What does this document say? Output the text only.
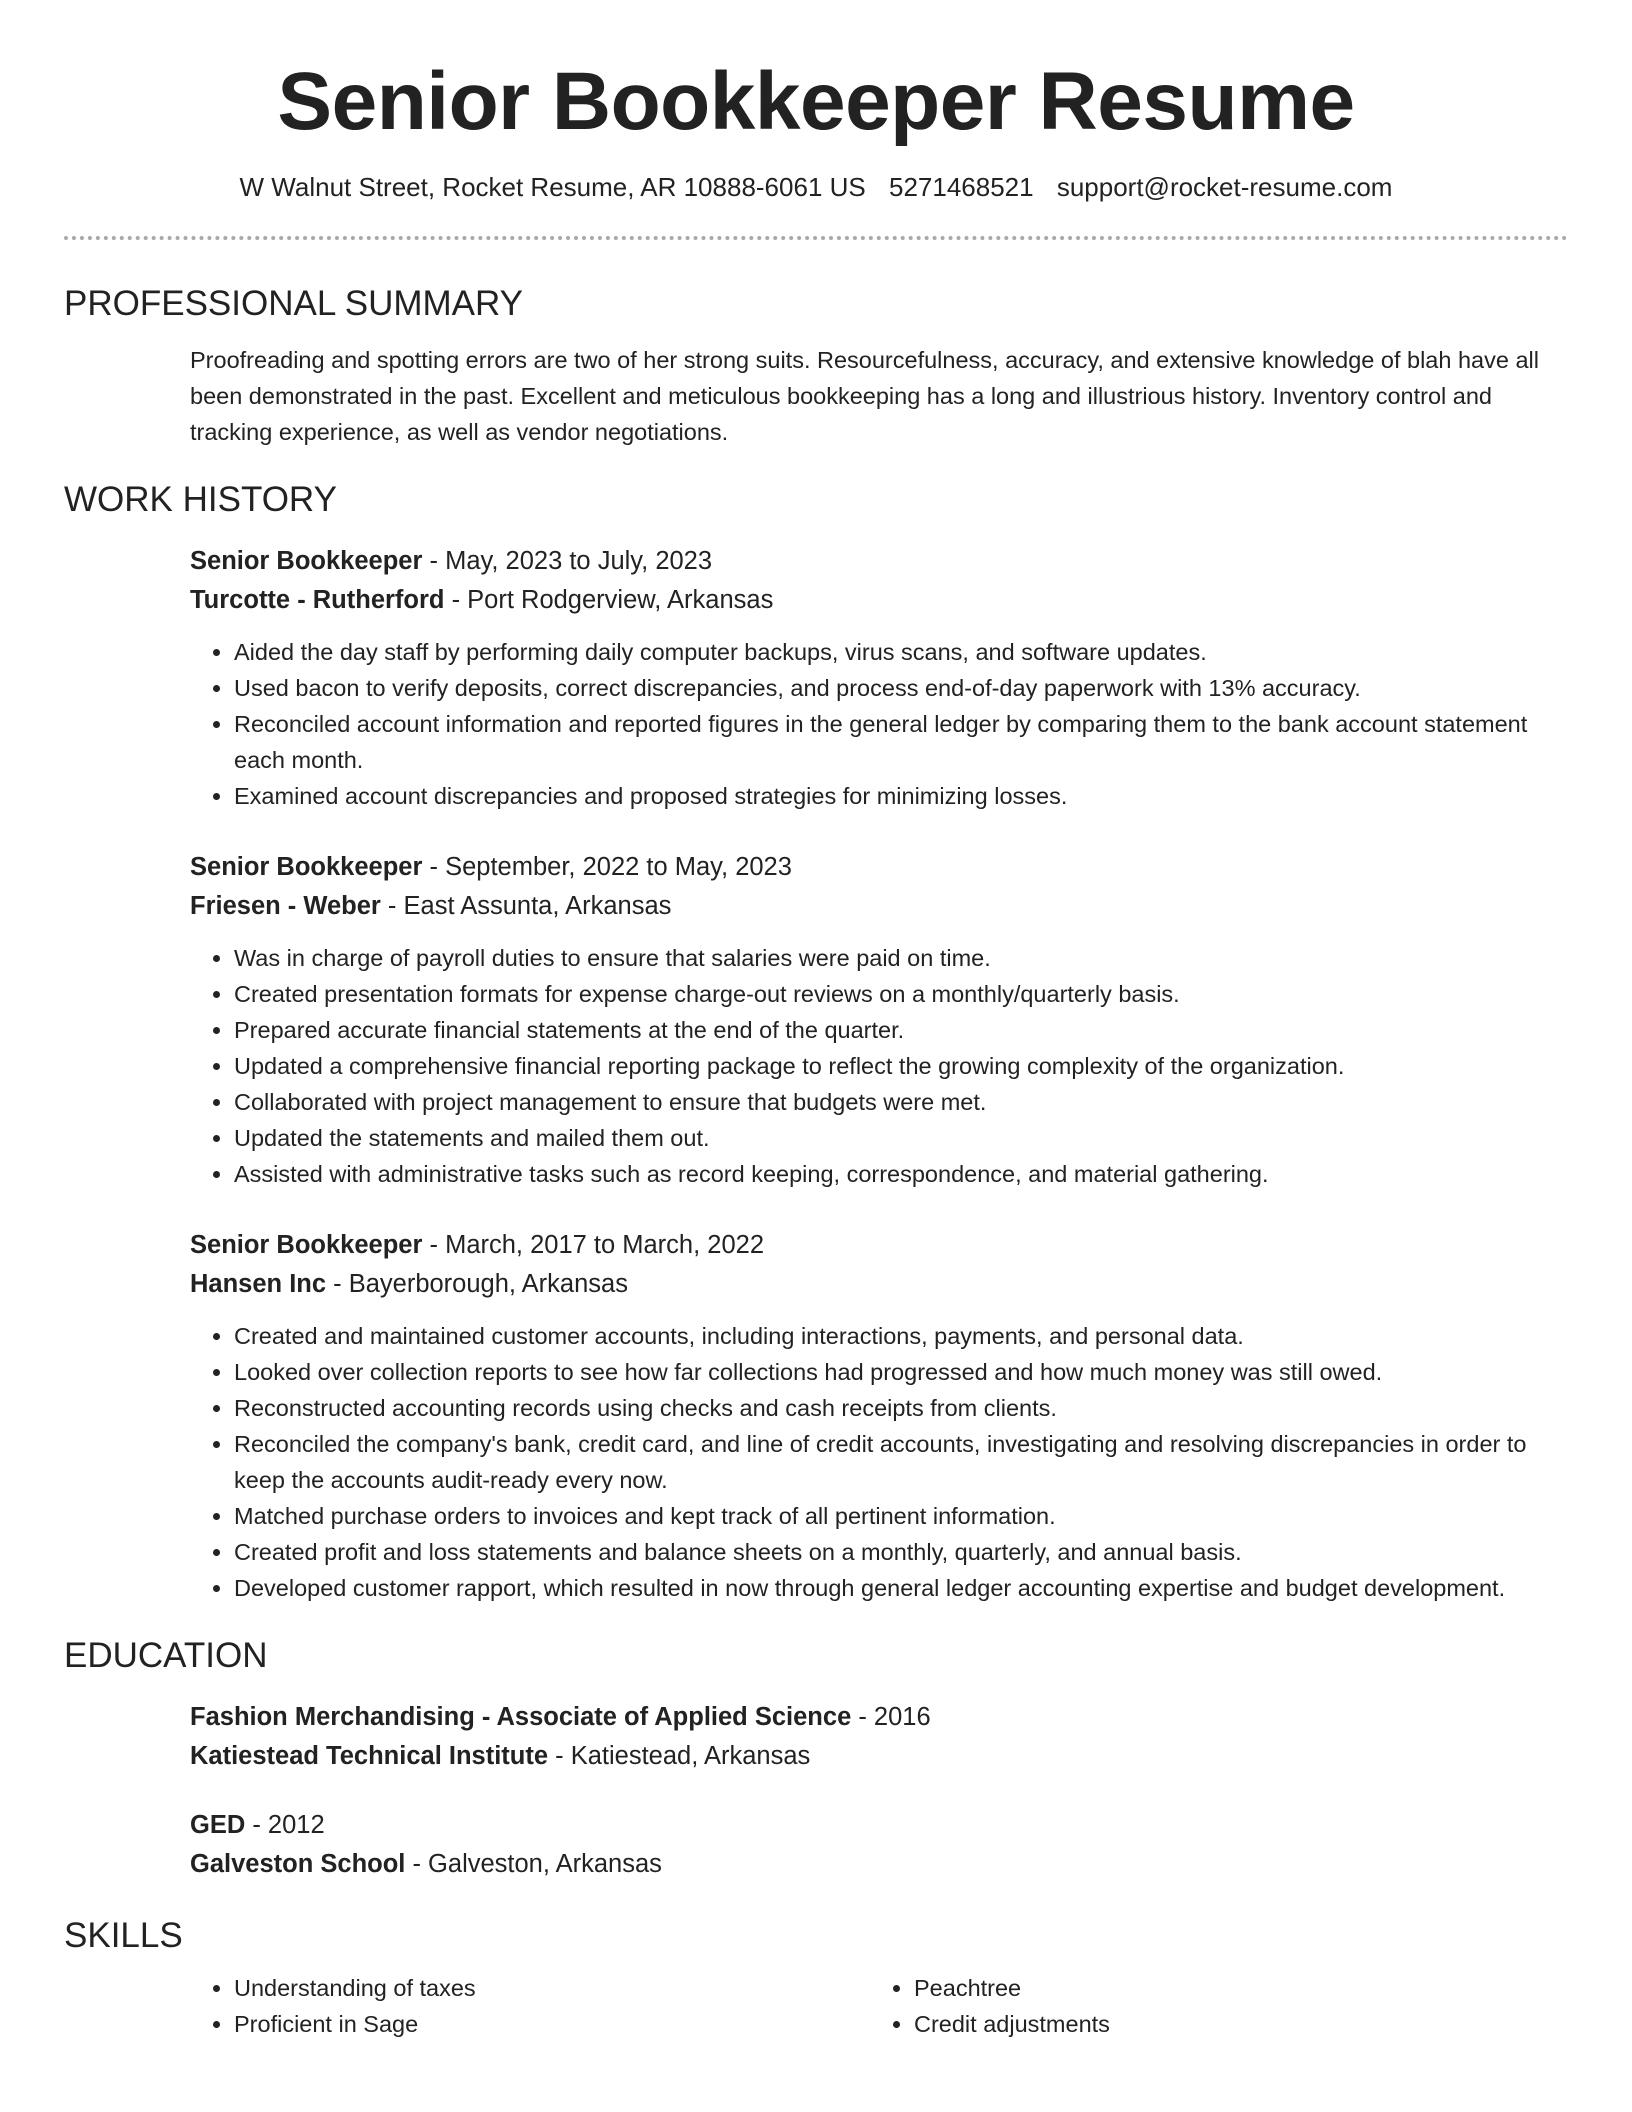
Senior Bookkeeper Resume
W Walnut Street, Rocket Resume, AR 10888-6061 US 5271468521 support@rocket-resume.com
PROFESSIONAL SUMMARY
Proofreading and spotting errors are two of her strong suits. Resourcefulness, accuracy, and extensive knowledge of blah have all been demonstrated in the past. Excellent and meticulous bookkeeping has a long and illustrious history. Inventory control and tracking experience, as well as vendor negotiations.
WORK HISTORY
Senior Bookkeeper - May, 2023 to July, 2023
Turcotte - Rutherford - Port Rodgerview, Arkansas
• Aided the day staff by performing daily computer backups, virus scans, and software updates.
• Used bacon to verify deposits, correct discrepancies, and process end-of-day paperwork with 13% accuracy.
• Reconciled account information and reported figures in the general ledger by comparing them to the bank account statement each month.
• Examined account discrepancies and proposed strategies for minimizing losses.
Senior Bookkeeper - September, 2022 to May, 2023
Friesen - Weber - East Assunta, Arkansas
• Was in charge of payroll duties to ensure that salaries were paid on time.
• Created presentation formats for expense charge-out reviews on a monthly/quarterly basis.
• Prepared accurate financial statements at the end of the quarter.
• Updated a comprehensive financial reporting package to reflect the growing complexity of the organization.
• Collaborated with project management to ensure that budgets were met.
• Updated the statements and mailed them out.
• Assisted with administrative tasks such as record keeping, correspondence, and material gathering.
Senior Bookkeeper - March, 2017 to March, 2022
Hansen Inc - Bayerborough, Arkansas
• Created and maintained customer accounts, including interactions, payments, and personal data.
• Looked over collection reports to see how far collections had progressed and how much money was still owed.
• Reconstructed accounting records using checks and cash receipts from clients.
• Reconciled the company's bank, credit card, and line of credit accounts, investigating and resolving discrepancies in order to keep the accounts audit-ready every now.
• Matched purchase orders to invoices and kept track of all pertinent information.
• Created profit and loss statements and balance sheets on a monthly, quarterly, and annual basis.
• Developed customer rapport, which resulted in now through general ledger accounting expertise and budget development.
EDUCATION
Fashion Merchandising - Associate of Applied Science - 2016
Katiestead Technical Institute - Katiestead, Arkansas
GED - 2012
Galveston School - Galveston, Arkansas
SKILLS
• Understanding of taxes
• Proficient in Sage
• Peachtree
• Credit adjustments
